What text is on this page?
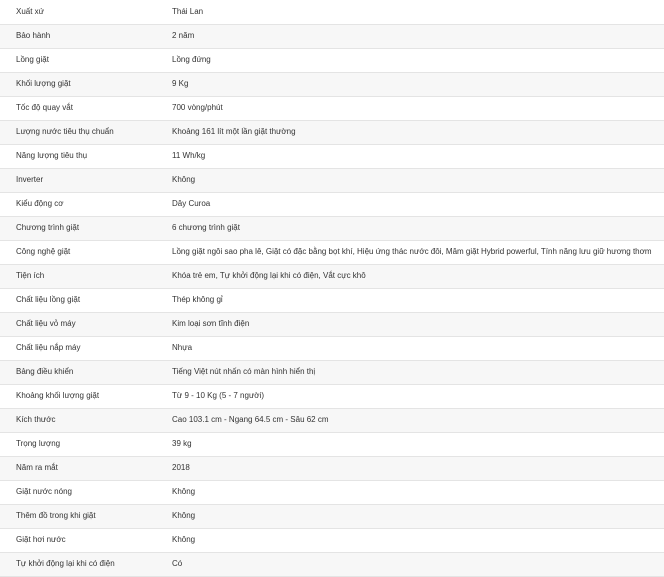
Xuất xứ	Thái Lan
Bảo hành	2 năm
Lồng giặt	Lồng đứng
Khối lượng giặt	9 Kg
Tốc độ quay vắt	700 vòng/phút
Lượng nước tiêu thụ chuẩn	Khoảng 161 lít một lần giặt thường
Năng lượng tiêu thụ	11 Wh/kg
Inverter	Không
Kiểu động cơ	Dây Curoa
Chương trình giặt	6 chương trình giặt
Công nghệ giặt	Lồng giặt ngôi sao pha lê, Giặt có đặc bằng bọt khí, Hiệu ứng thác nước đôi, Mâm giặt Hybrid powerful, Tính năng lưu giữ hương thơm
Tiện ích	Khóa trẻ em, Tự khởi động lại khi có điện, Vắt cực khô
Chất liệu lồng giặt	Thép không gỉ
Chất liệu vỏ máy	Kim loại sơn tĩnh điện
Chất liệu nắp máy	Nhựa
Bảng điều khiển	Tiếng Việt nút nhấn có màn hình hiển thị
Khoảng khối lượng giặt	Từ 9 - 10 Kg (5 - 7 người)
Kích thước	Cao 103.1 cm - Ngang 64.5 cm - Sâu 62 cm
Trọng lượng	39 kg
Năm ra mắt	2018
Giặt nước nóng	Không
Thêm đồ trong khi giặt	Không
Giặt hơi nước	Không
Tự khởi động lại khi có điện	Có
